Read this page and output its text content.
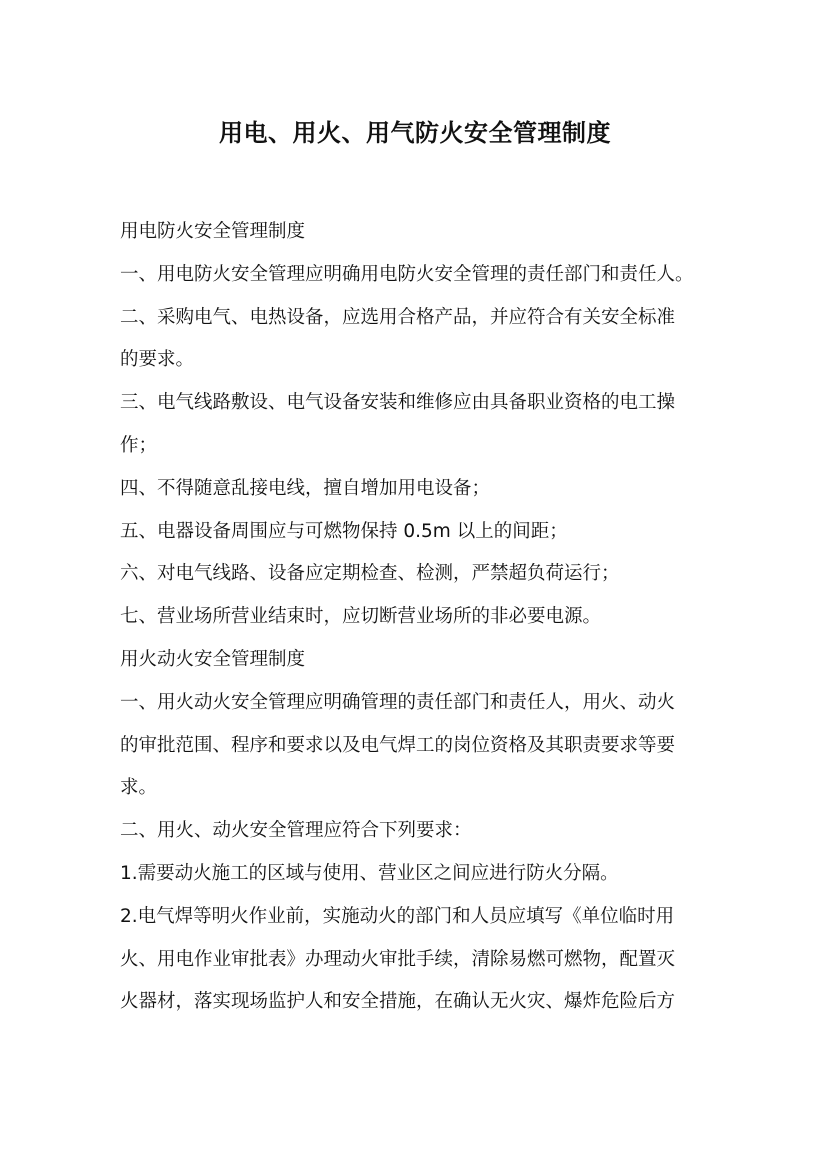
用电、用火、用气防火安全管理制度
用电防火安全管理制度
一、用电防火安全管理应明确用电防火安全管理的责任部门和责任人。
二、采购电气、电热设备，应选用合格产品，并应符合有关安全标准
的要求。
三、电气线路敷设、电气设备安装和维修应由具备职业资格的电工操
作；
四、不得随意乱接电线，擅自增加用电设备；
五、电器设备周围应与可燃物保持 0.5m 以上的间距；
六、对电气线路、设备应定期检查、检测，严禁超负荷运行；
七、营业场所营业结束时，应切断营业场所的非必要电源。
用火动火安全管理制度
一、用火动火安全管理应明确管理的责任部门和责任人，用火、动火
的审批范围、程序和要求以及电气焊工的岗位资格及其职责要求等要
求。
二、用火、动火安全管理应符合下列要求：
1.需要动火施工的区域与使用、营业区之间应进行防火分隔。
2.电气焊等明火作业前，实施动火的部门和人员应填写《单位临时用
火、用电作业审批表》办理动火审批手续，清除易燃可燃物，配置灭
火器材，落实现场监护人和安全措施，在确认无火灾、爆炸危险后方
